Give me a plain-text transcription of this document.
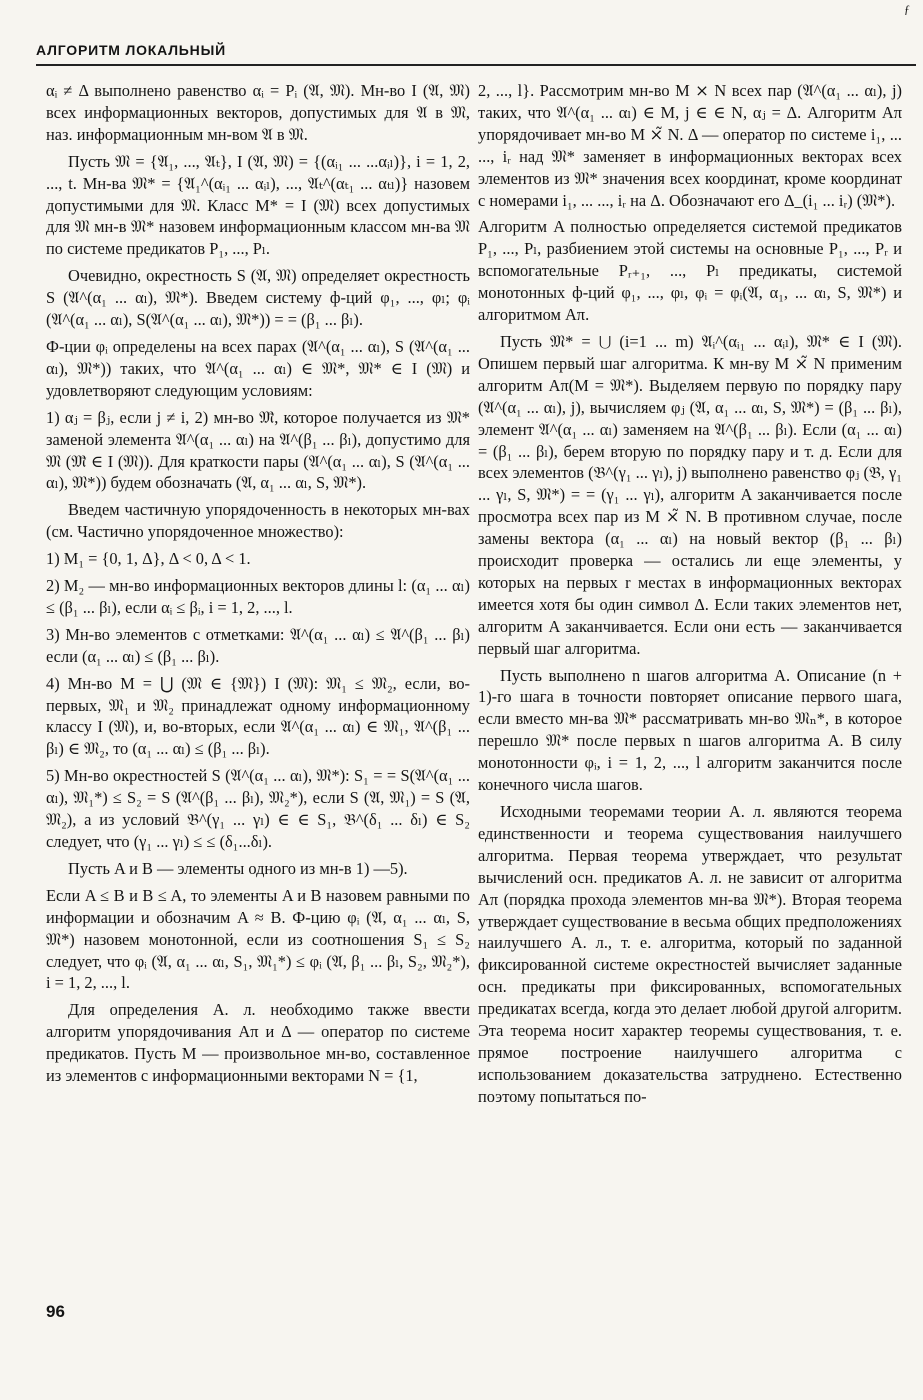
ƒ
АЛГОРИТМ ЛОКАЛЬНЫЙ

αᵢ ≠ Δ выполнено равенство αᵢ = Pᵢ (𝔄, 𝔐). Мн-во I (𝔄, 𝔐) всех информационных векторов, допустимых для 𝔄 в 𝔐, наз. информационным мн-вом 𝔄 в 𝔐.

Пусть 𝔐 = {𝔄₁, ..., 𝔄ₜ}, I (𝔄, 𝔐) = {(αᵢ₁ ... ...αᵢₗ)}, i = 1, 2, ..., t. Мн-ва 𝔐* = {𝔄₁^(αᵢ₁ ... αᵢₗ), ..., 𝔄ₜ^(αₜ₁ ... αₜₗ)} назовем допустимыми для 𝔐. Класс M* = I (𝔐) всех допустимых для 𝔐 мн-в 𝔐* назовем информационным классом мн-ва 𝔐 по системе предикатов P₁, ..., Pₗ.

Очевидно, окрестность S (𝔄, 𝔐) определяет окрестность S (𝔄^(α₁ ... αₗ), 𝔐*). Введем систему ф-ций φ₁, ..., φₗ; φᵢ (𝔄^(α₁ ... αₗ), S(𝔄^(α₁ ... αₗ), 𝔐*)) = = (β₁ ... βₗ).

Ф-ции φᵢ определены на всех парах (𝔄^(α₁ ... αₗ), S (𝔄^(α₁ ... αₗ), 𝔐*)) таких, что 𝔄^(α₁ ... αₗ) ∈ 𝔐*, 𝔐* ∈ I (𝔐) и удовлетворяют следующим условиям:

1) αⱼ = βⱼ, если j ≠ i, 2) мн-во 𝔐̃, которое получается из 𝔐* заменой элемента 𝔄^(α₁ ... αₗ) на 𝔄^(β₁ ... βₗ), допустимо для 𝔐 (𝔐̃ ∈ I (𝔐)). Для краткости пары (𝔄^(α₁ ... αₗ), S (𝔄^(α₁ ... αₗ), 𝔐*)) будем обозначать (𝔄, α₁ ... αₗ, S, 𝔐*).

Введем частичную упорядоченность в некоторых мн-вах (см. Частично упорядоченное множество):

1) M₁ = {0, 1, Δ}, Δ < 0, Δ < 1.

2) M₂ — мн-во информационных векторов длины l: (α₁ ... αₗ) ≤ (β₁ ... βₗ), если αᵢ ≤ βᵢ, i = 1, 2, ..., l.

3) Мн-во элементов с отметками: 𝔄^(α₁ ... αₗ) ≤ 𝔄^(β₁ ... βₗ) если (α₁ ... αₗ) ≤ (β₁ ... βₗ).

4) Мн-во M = ⋃ (𝔐 ∈ {𝔐}) I (𝔐): 𝔐₁ ≤ 𝔐₂, если, во-первых, 𝔐₁ и 𝔐₂ принадлежат одному информационному классу I (𝔐), и, во-вторых, если 𝔄^(α₁ ... αₗ) ∈ 𝔐₁, 𝔄^(β₁ ... βₗ) ∈ 𝔐₂, то (α₁ ... αₗ) ≤ (β₁ ... βₗ).

5) Мн-во окрестностей S (𝔄^(α₁ ... αₗ), 𝔐*): S₁ = = S(𝔄^(α₁ ... αₗ), 𝔐₁*) ≤ S₂ = S (𝔄^(β₁ ... βₗ), 𝔐₂*), если S (𝔄, 𝔐₁) = S (𝔄, 𝔐₂), а из условий 𝔅^(γ₁ ... γₗ) ∈ ∈ S₁, 𝔅^(δ₁ ... δₗ) ∈ S₂ следует, что (γ₁ ... γₗ) ≤ ≤ (δ₁...δₗ).

Пусть A и B — элементы одного из мн-в 1) —5).

Если A ≤ B и B ≤ A, то элементы A и B назовем равными по информации и обозначим A ≈ B. Ф-цию φᵢ (𝔄, α₁ ... αₗ, S, 𝔐*) назовем монотонной, если из соотношения S₁ ≤ S₂ следует, что φᵢ (𝔄, α₁ ... αₗ, S₁, 𝔐₁*) ≤ φᵢ (𝔄, β₁ ... βₗ, S₂, 𝔐₂*), i = 1, 2, ..., l.

Для определения А. л. необходимо также ввести алгоритм упорядочивания Aπ и Δ — оператор по системе предикатов. Пусть M — произвольное мн-во, составленное из элементов с информационными векторами N = {1,

2, ..., l}. Рассмотрим мн-во M ⨯ N всех пар (𝔄^(α₁ ... αₗ), j) таких, что 𝔄^(α₁ ... αₗ) ∈ M, j ∈ ∈ N, αⱼ = Δ. Алгоритм Aπ упорядочивает мн-во M ⨯̃ N. Δ — оператор по системе i₁, ... ..., iᵣ над 𝔐* заменяет в информационных векторах всех элементов из 𝔐* значения всех координат, кроме координат с номерами i₁, ... ..., iᵣ на Δ. Обозначают его Δ_(i₁ ... iᵣ) (𝔐*).

Алгоритм A полностью определяется системой предикатов P₁, ..., Pₗ, разбиением этой системы на основные P₁, ..., Pᵣ и вспомогательные Pᵣ₊₁, ..., Pₗ предикаты, системой монотонных ф-ций φ₁, ..., φₗ, φᵢ = φᵢ(𝔄, α₁, ... αₗ, S, 𝔐*) и алгоритмом Aπ.

Пусть 𝔐* = ⋃ (i=1 ... m) 𝔄ᵢ^(αᵢ₁ ... αᵢₗ), 𝔐* ∈ I (𝔐). Опишем первый шаг алгоритма. К мн-ву M ⨯̃ N применим алгоритм Aπ(M = 𝔐*). Выделяем первую по порядку пару (𝔄^(α₁ ... αₗ), j), вычисляем φⱼ (𝔄, α₁ ... αₗ, S, 𝔐*) = (β₁ ... βₗ), элемент 𝔄^(α₁ ... αₗ) заменяем на 𝔄^(β₁ ... βₗ). Если (α₁ ... αₗ) = (β₁ ... βₗ), берем вторую по порядку пару и т. д. Если для всех элементов (𝔅^(γ₁ ... γₗ), j) выполнено равенство φⱼ (𝔅, γ₁ ... γₗ, S, 𝔐*) = = (γ₁ ... γₗ), алгоритм A заканчивается после просмотра всех пар из M ⨯̃ N. В противном случае, после замены вектора (α₁ ... αₗ) на новый вектор (β₁ ... βₗ) происходит проверка — остались ли еще элементы, у которых на первых r местах в информационных векторах имеется хотя бы один символ Δ. Если таких элементов нет, алгоритм A заканчивается. Если они есть — заканчивается первый шаг алгоритма.

Пусть выполнено n шагов алгоритма A. Описание (n + 1)-го шага в точности повторяет описание первого шага, если вместо мн-ва 𝔐* рассматривать мн-во 𝔐ₙ*, в которое перешло 𝔐* после первых n шагов алгоритма A. В силу монотонности φᵢ, i = 1, 2, ..., l алгоритм заканчится после конечного числа шагов.

Исходными теоремами теории А. л. являются теорема единственности и теорема существования наилучшего алгоритма. Первая теорема утверждает, что результат вычислений осн. предикатов А. л. не зависит от алгоритма Aπ (порядка прохода элементов мн-ва 𝔐*). Вторая теорема утверждает существование в весьма общих предположениях наилучшего А. л., т. е. алгоритма, который по заданной фиксированной системе окрестностей вычисляет заданные осн. предикаты при фиксированных, вспомогательных предикатах всегда, когда это делает любой другой алгоритм. Эта теорема носит характер теоремы существования, т. е. прямое построение наилучшего алгоритма с использованием доказательства затруднено. Естественно поэтому попытаться по-

96
